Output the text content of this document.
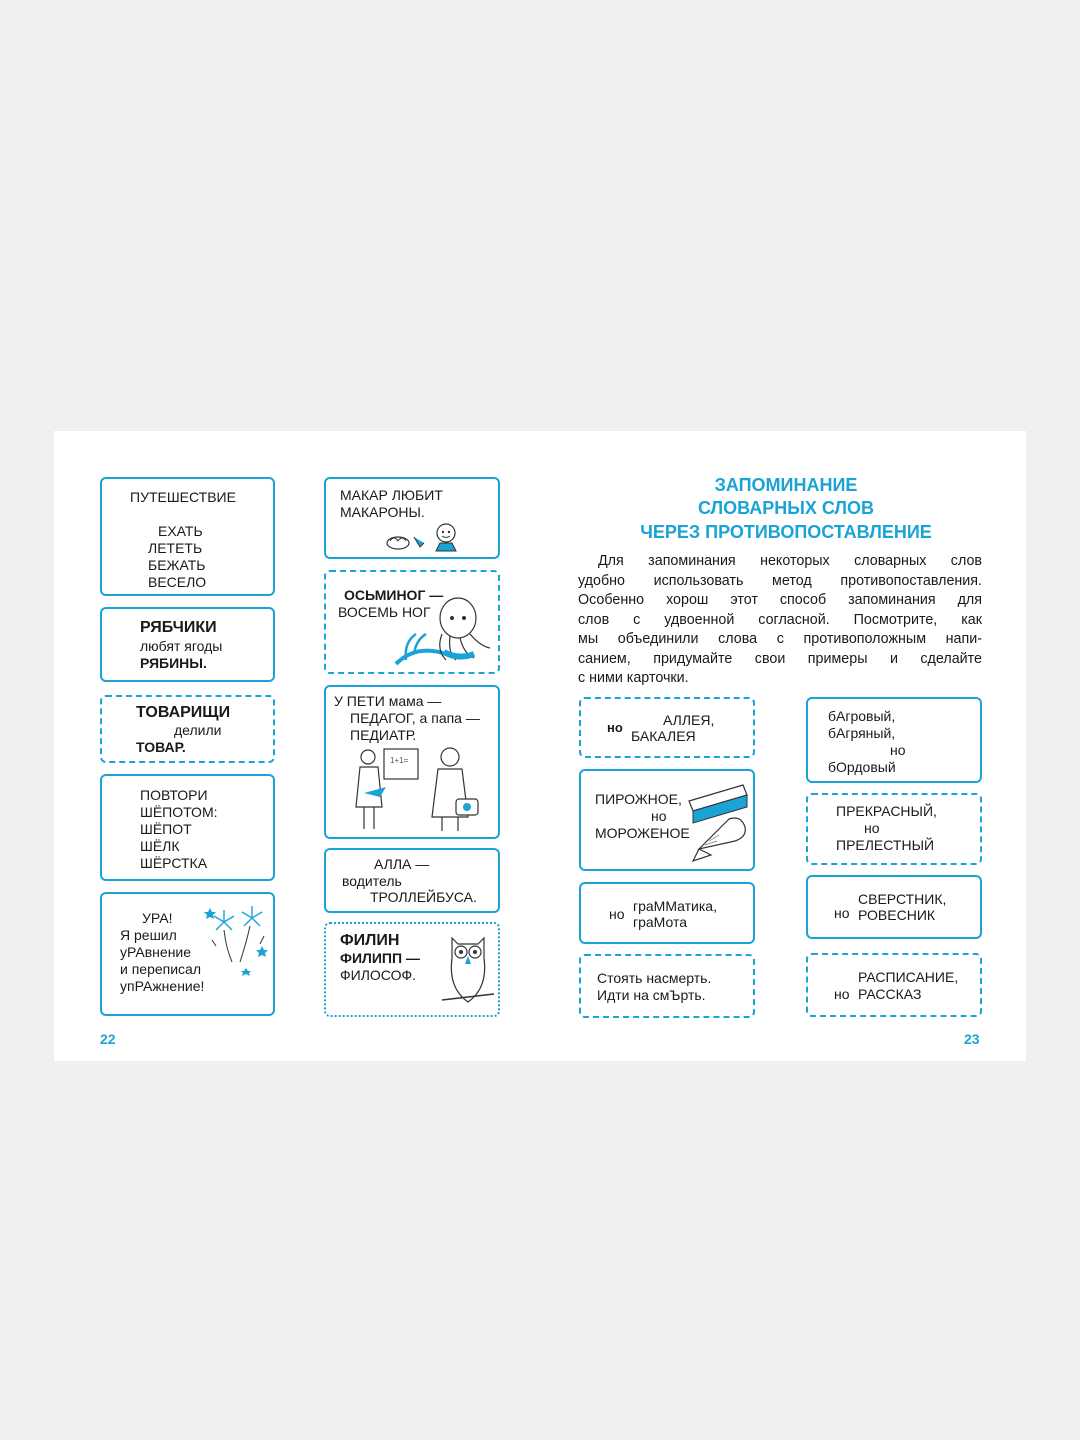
ПУТЕШЕСТВИЕ
ЕХАТЬ
ЛЕТЕТЬ
БЕЖАТЬ
ВЕСЕЛО
РЯБЧИКИ
любят ягоды
РЯБИНЫ.
ТОВАРИЩИ
делили
ТОВАР.
ПОВТОРИ
ШЁПОТОМ:
ШЁПОТ
ШЁЛК
ШЁРСТКА
УРА!
Я решил
уРАвнение
и переписал
упРАжнение!
МАКАР ЛЮБИТ
МАКАРОНЫ.
ОСЬМИНОГ —
ВОСЕМЬ НОГ
У ПЕТИ мама —
ПЕДАГОГ, а папа —
ПЕДИАТР.
1+1=
АЛЛА —
водитель
ТРОЛЛЕЙБУСА.
ФИЛИН
ФИЛИПП —
ФИЛОСОФ.
22
ЗАПОМИНАНИЕ
СЛОВАРНЫХ СЛОВ
ЧЕРЕЗ ПРОТИВОПОСТАВЛЕНИЕ
Для запоминания некоторых словарных слов
удобно использовать метод противопоставления.
Особенно хорош этот способ запоминания для
слов с удвоенной согласной. Посмотрите, как
мы объединили слова с противоположным напи-
санием, придумайте свои примеры и сделайте
с ними карточки.
но	АЛЛЕЯ,
БАКАЛЕЯ
ПИРОЖНОЕ,
но
МОРОЖЕНОЕ
но граММатика,
граМота
Стоять насмерть.
Идти на смЪрть.
бАгровый,
бАгряный,
но
бОрдовый
ПРЕКРАСНЫЙ,
но
ПРЕЛЕСТНЫЙ
но
СВЕРСТНИК,
РОВЕСНИК
но
РАСПИСАНИЕ,
РАССКАЗ
23
